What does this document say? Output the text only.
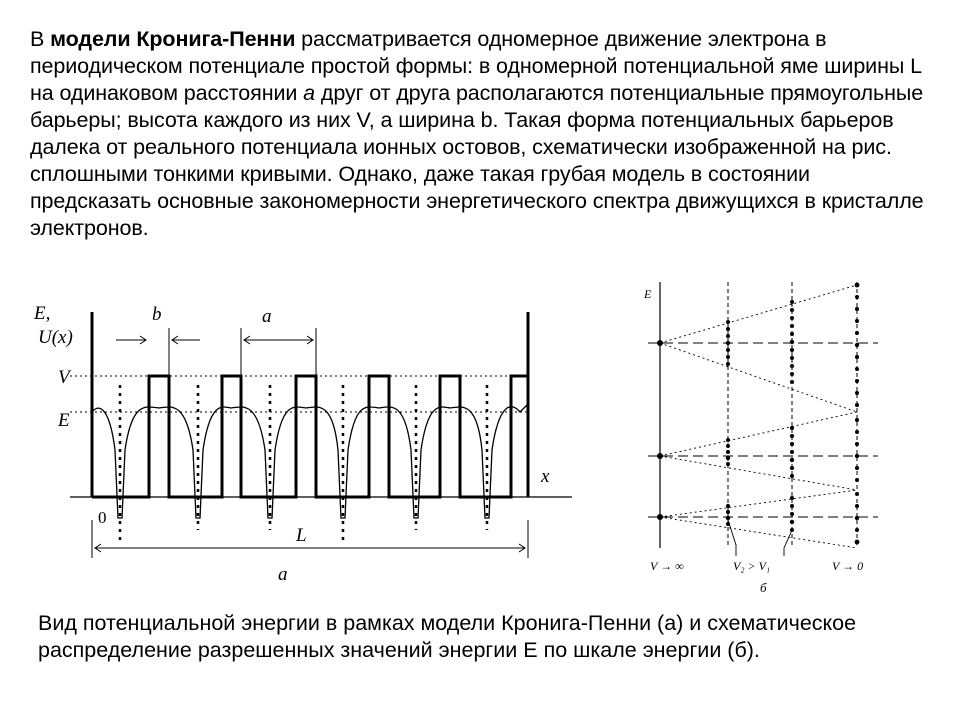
В модели Кронига-Пенни рассматривается одномерное движение электрона в периодическом потенциале простой формы: в одномерной потенциальной яме ширины L на одинаковом расстоянии a друг от друга располагаются потенциальные прямоугольные барьеры; высота каждого из них V, а ширина b. Такая форма потенциальных барьеров далека от реального потенциала ионных остовов, схематически изображенной на рис. сплошными тонкими кривыми. Однако, даже такая грубая модель в состоянии предсказать основные закономерности энергетического спектра движущихся в кристалле электронов.
E,
U(x)
V
E
x
b	a
L
a
0
E
V → ∞	V₂ > V₁	V → 0
б
Вид потенциальной энергии в рамках модели Кронига-Пенни (а) и схематическое распределение разрешенных значений энергии E по шкале энергии (б).
